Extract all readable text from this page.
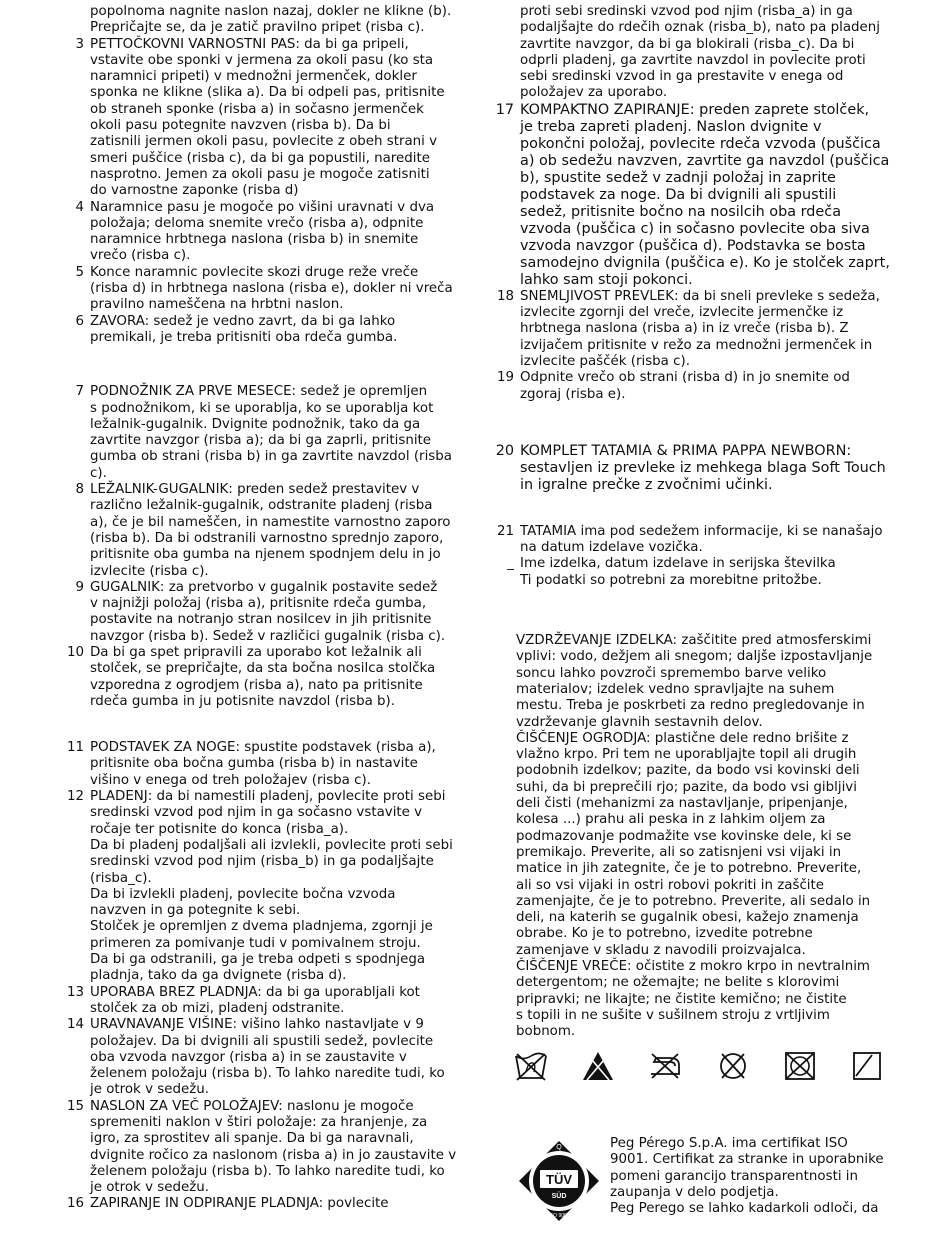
popolnoma nagnite naslon nazaj, dokler ne klikne (b).
Prepričajte se, da je zatič pravilno pripet (risba c).
3 PETTOČKOVNI VARNOSTNI PAS: da bi ga pripeli,
vstavite obe sponki v jermena za okoli pasu (ko sta
naramnici pripeti) v mednožni jermenček, dokler
sponka ne klikne (slika a). Da bi odpeli pas, pritisnite
ob straneh sponke (risba a) in sočasno jermenček
okoli pasu potegnite navzven (risba b). Da bi
zatisnili jermen okoli pasu, povlecite z obeh strani v
smeri puščice (risba c), da bi ga popustili, naredite
nasprotno. Jemen za okoli pasu je mogoče zatisniti
do varnostne zaponke (risba d)
4 Naramnice pasu je mogoče po višini uravnati v dva
položaja; deloma snemite vrečo (risba a), odpnite
naramnice hrbtnega naslona (risba b) in snemite
vrečo (risba c).
5 Konce naramnic povlecite skozi druge reže vreče
(risba d) in hrbtnega naslona (risba e), dokler ni vreča
pravilno nameščena na hrbtni naslon.
6 ZAVORA: sedež je vedno zavrt, da bi ga lahko
premikali, je treba pritisniti oba rdeča gumba.
7 PODNOŽNIK ZA PRVE MESECE: sedež je opremljen
s podnožnikom, ki se uporablja, ko se uporablja kot
ležalnik-gugalnik. Dvignite podnožnik, tako da ga
zavrtite navzgor (risba a); da bi ga zaprli, pritisnite
gumba ob strani (risba b) in ga zavrtite navzdol (risba
c).
8 LEŽALNIK-GUGALNIK: preden sedež prestavitev v
različno ležalnik-gugalnik, odstranite pladenj (risba
a), če je bil nameščen, in namestite varnostno zaporo
(risba b). Da bi odstranili varnostno sprednjo zaporo,
pritisnite oba gumba na njenem spodnjem delu in jo
izvlecite (risba c).
9 GUGALNIK: za pretvorbo v gugalnik postavite sedež
v najnižji položaj (risba a), pritisnite rdeča gumba,
postavite na notranjo stran nosilcev in jih pritisnite
navzgor (risba b). Sedež v različici gugalnik (risba c).
10 Da bi ga spet pripravili za uporabo kot ležalnik ali
stolček, se prepričajte, da sta bočna nosilca stolčka
vzporedna z ogrodjem (risba a), nato pa pritisnite
rdeča gumba in ju potisnite navzdol (risba b).
11 PODSTAVEK ZA NOGE: spustite podstavek (risba a),
pritisnite oba bočna gumba (risba b) in nastavite
višino v enega od treh položajev (risba c).
12 PLADENJ: da bi namestili pladenj, povlecite proti sebi
sredinski vzvod pod njim in ga sočasno vstavite v
ročaje ter potisnite do konca (risba_a).
Da bi pladenj podaljšali ali izvlekli, povlecite proti sebi
sredinski vzvod pod njim (risba_b) in ga podaljšajte
(risba_c).
Da bi izvlekli pladenj, povlecite bočna vzvoda
navzven in ga potegnite k sebi.
Stolček je opremljen z dvema pladnjema, zgornji je
primeren za pomivanje tudi v pomivalnem stroju.
Da bi ga odstranili, ga je treba odpeti s spodnjega
pladnja, tako da ga dvignete (risba d).
13 UPORABA BREZ PLADNJA: da bi ga uporabljali kot
stolček za ob mizi, pladenj odstranite.
14 URAVNAVANJE VIŠINE: višino lahko nastavljate v 9
položajev. Da bi dvignili ali spustili sedež, povlecite
oba vzvoda navzgor (risba a) in se zaustavite v
želenem položaju (risba b). To lahko naredite tudi, ko
je otrok v sedežu.
15 NASLON ZA VEČ POLOŽAJEV: naslonu je mogoče
spremeniti naklon v štiri položaje: za hranjenje, za
igro, za sprostitev ali spanje. Da bi ga naravnali,
dvignite ročico za naslonom (risba a) in jo zaustavite v
želenem položaju (risba b). To lahko naredite tudi, ko
je otrok v sedežu.
16 ZAPIRANJE IN ODPIRANJE PLADNJA: povlecite
proti sebi sredinski vzvod pod njim (risba_a) in ga
podaljšajte do rdečih oznak (risba_b), nato pa pladenj
zavrtite navzgor, da bi ga blokirali (risba_c). Da bi
odprli pladenj, ga zavrtite navzdol in povlecite proti
sebi sredinski vzvod in ga prestavite v enega od
položajev za uporabo.
17 KOMPAKTNO ZAPIRANJE: preden zaprete stolček,
je treba zapreti pladenj. Naslon dvignite v
pokončni položaj, povlecite rdeča vzvoda (puščica
a) ob sedežu navzven, zavrtite ga navzdol (puščica
b), spustite sedež v zadnji položaj in zaprite
podstavek za noge. Da bi dvignili ali spustili
sedež, pritisnite bočno na nosilcih oba rdeča
vzvoda (puščica c) in sočasno povlecite oba siva
vzvoda navzgor (puščica d). Podstavka se bosta
samodejno dvignila (puščica e). Ko je stolček zaprt,
lahko sam stoji pokonci.
18 SNEMLJIVOST PREVLEK: da bi sneli prevleke s sedeža,
izvlecite zgornji del vreče, izvlecite jermenčke iz
hrbtnega naslona (risba a) in iz vreče (risba b). Z
izvijačem pritisnite v režo za mednožni jermenček in
izvlecite paščék (risba c).
19 Odpnite vrečo ob strani (risba d) in jo snemite od
zgoraj (risba e).
20 KOMPLET TATAMIA & PRIMA PAPPA NEWBORN:
sestavljen iz prevleke iz mehkega blaga Soft Touch
in igralne prečke z zvočnimi učinki.
21 TATAMIA ima pod sedežem informacije, ki se nanašajo
na datum izdelave vozička.
_ Ime izdelka, datum izdelave in serijska številka
Ti podatki so potrebni za morebitne pritožbe.
VZDRŽEVANJE IZDELKA: zaščitite pred atmosferskimi
vplivi: vodo, dežjem ali snegom; daljše izpostavljanje
soncu lahko povzroči spremembo barve veliko
materialov; izdelek vedno spravljajte na suhem
mestu. Treba je poskrbeti za redno pregledovanje in
vzdrževanje glavnih sestavnih delov.
ČIŠČENJE OGRODJA: plastične dele redno brišite z
vlažno krpo. Pri tem ne uporabljajte topil ali drugih
podobnih izdelkov; pazite, da bodo vsi kovinski deli
suhi, da bi preprečili rjo; pazite, da bodo vsi gibljivi
deli čisti (mehanizmi za nastavljanje, pripenjanje,
kolesa ...) prahu ali peska in z lahkim oljem za
podmazovanje podmažite vse kovinske dele, ki se
premikajo. Preverite, ali so zatisnjeni vsi vijaki in
matice in jih zategnite, če je to potrebno. Preverite,
ali so vsi vijaki in ostri robovi pokriti in zaščite
zamenjajte, če je to potrebno. Preverite, ali sedalo in
deli, na katerih se gugalnik obesi, kažejo znamenja
obrabe. Ko je to potrebno, izvedite potrebne
zamenjave v skladu z navodili proizvajalca.
ČIŠČENJE VREČE: očistite z mokro krpo in nevtralnim
detergentom; ne ožemajte; ne belite s klorovimi
pripravki; ne likajte; ne čistite kemično; ne čistite
s topili in ne sušite v sušilnem stroju z vrtljivim
bobnom.
Q
TÜV
SÜD
ISO 9001
Peg Pérego S.p.A. ima certifikat ISO
9001. Certifikat za stranke in uporabnike
pomeni garancijo transparentnosti in
zaupanja v delo podjetja.
Peg Perego se lahko kadarkoli odloči, da
